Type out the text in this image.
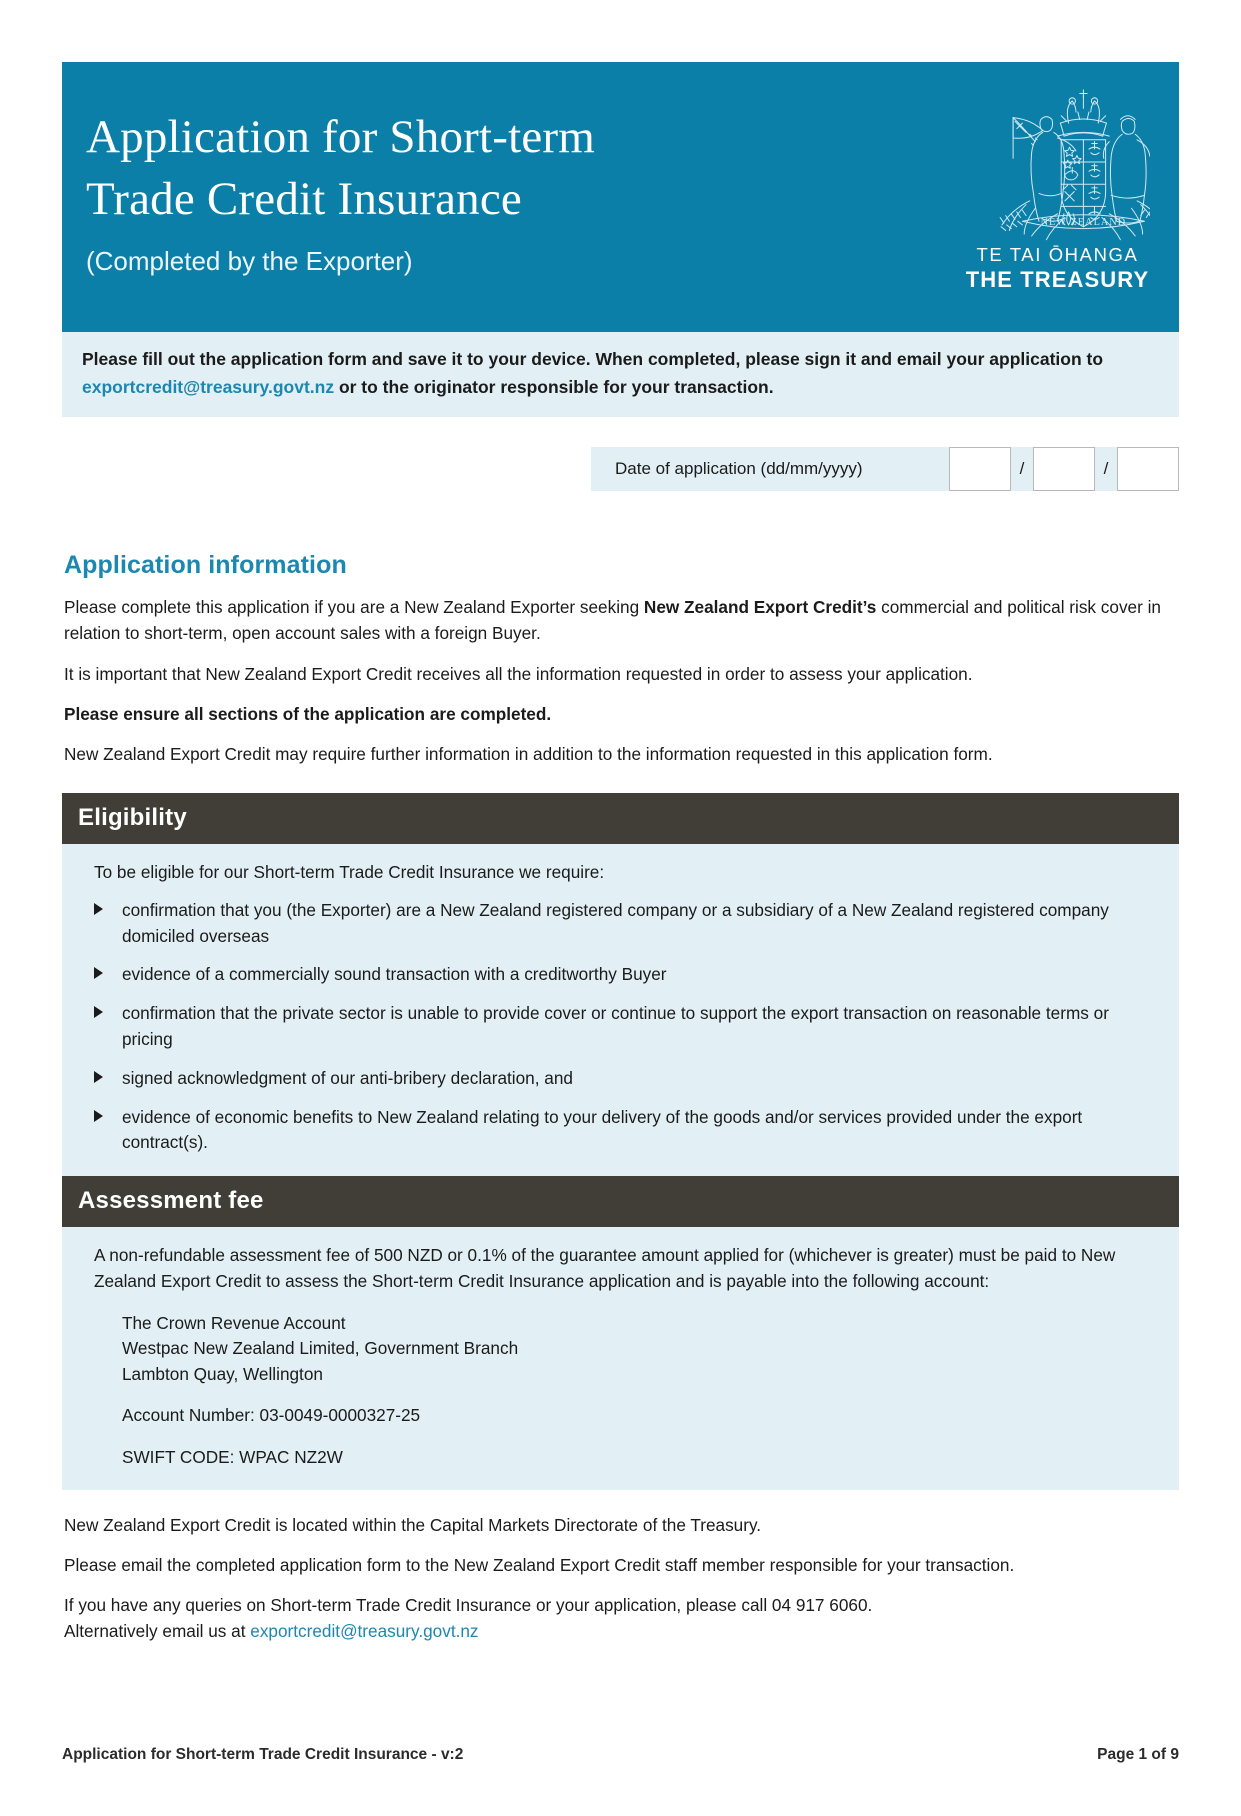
Application for Short-term
Trade Credit Insurance
(Completed by the Exporter)
NEW ZEALAND
TE TAI ŌHANGA
THE TREASURY
Please fill out the application form and save it to your device. When completed, please sign it and email your application to exportcredit@treasury.govt.nz or to the originator responsible for your transaction.
Date of application (dd/mm/yyyy)	/	/
Application information

Please complete this application if you are a New Zealand Exporter seeking New Zealand Export Credit’s commercial and political risk cover in relation to short-term, open account sales with a foreign Buyer.

It is important that New Zealand Export Credit receives all the information requested in order to assess your application.

Please ensure all sections of the application are completed.

New Zealand Export Credit may require further information in addition to the information requested in this application form.

Eligibility

To be eligible for our Short-term Trade Credit Insurance we require:

confirmation that you (the Exporter) are a New Zealand registered company or a subsidiary of a New Zealand registered company domiciled overseas
evidence of a commercially sound transaction with a creditworthy Buyer
confirmation that the private sector is unable to provide cover or continue to support the export transaction on reasonable terms or pricing
signed acknowledgment of our anti-bribery declaration, and
evidence of economic benefits to New Zealand relating to your delivery of the goods and/or services provided under the export contract(s).
Assessment fee

A non-refundable assessment fee of 500 NZD or 0.1% of the guarantee amount applied for (whichever is greater) must be paid to New Zealand Export Credit to assess the Short-term Credit Insurance application and is payable into the following account:

The Crown Revenue Account
Westpac New Zealand Limited, Government Branch
Lambton Quay, Wellington
Account Number: 03-0049-0000327-25
SWIFT CODE: WPAC NZ2W

New Zealand Export Credit is located within the Capital Markets Directorate of the Treasury.

Please email the completed application form to the New Zealand Export Credit staff member responsible for your transaction.

If you have any queries on Short-term Trade Credit Insurance or your application, please call 04 917 6060.
Alternatively email us at exportcredit@treasury.govt.nz

Application for Short-term Trade Credit Insurance - v:2	Page 1 of 9
